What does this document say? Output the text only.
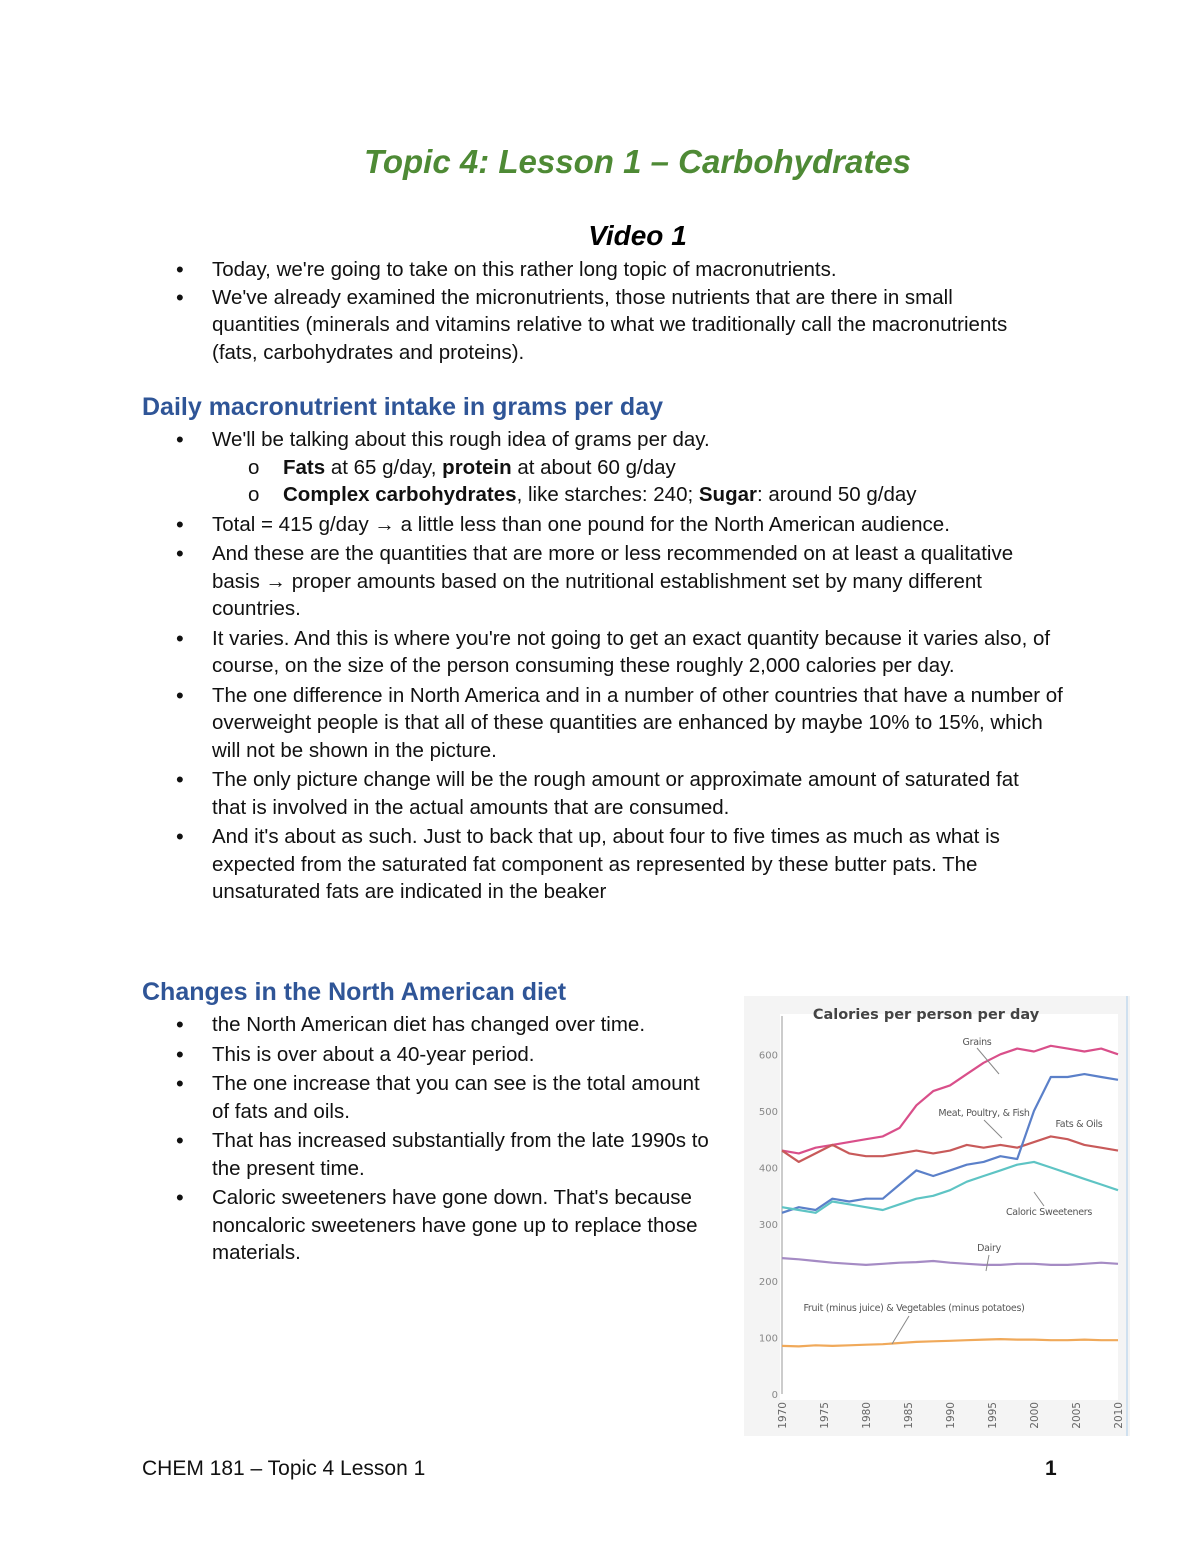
Topic 4: Lesson 1 – Carbohydrates
Video 1
• Today, we're going to take on this rather long topic of macronutrients.
• We've already examined the micronutrients, those nutrients that are there in small quantities (minerals and vitamins relative to what we traditionally call the macronutrients (fats, carbohydrates and proteins).
Daily macronutrient intake in grams per day
• We'll be talking about this rough idea of grams per day.
o Fats at 65 g/day, protein at about 60 g/day
o Complex carbohydrates, like starches: 240; Sugar: around 50 g/day
• Total = 415 g/day → a little less than one pound for the North American audience.
• And these are the quantities that are more or less recommended on at least a qualitative basis → proper amounts based on the nutritional establishment set by many different countries.
• It varies. And this is where you're not going to get an exact quantity because it varies also, of course, on the size of the person consuming these roughly 2,000 calories per day.
• The one difference in North America and in a number of other countries that have a number of overweight people is that all of these quantities are enhanced by maybe 10% to 15%, which will not be shown in the picture.
• The only picture change will be the rough amount or approximate amount of saturated fat that is involved in the actual amounts that are consumed.
• And it's about as such. Just to back that up, about four to five times as much as what is expected from the saturated fat component as represented by these butter pats. The unsaturated fats are indicated in the beaker
Changes in the North American diet
• the North American diet has changed over time.
• This is over about a 40-year period.
• The one increase that you can see is the total amount of fats and oils.
• That has increased substantially from the late 1990s to the present time.
• Caloric sweeteners have gone down. That's because noncaloric sweeteners have gone up to replace those materials.
Calories per person per day
0
100
200
300
400
500
600
1970	1975	1980	1985	1990	1995	2000	2005	2010
Grains
Meat, Poultry, & Fish
Fats & Oils
Caloric Sweeteners
Dairy
Fruit (minus juice) & Vegetables (minus potatoes)
CHEM 181 – Topic 4 Lesson 1	1
